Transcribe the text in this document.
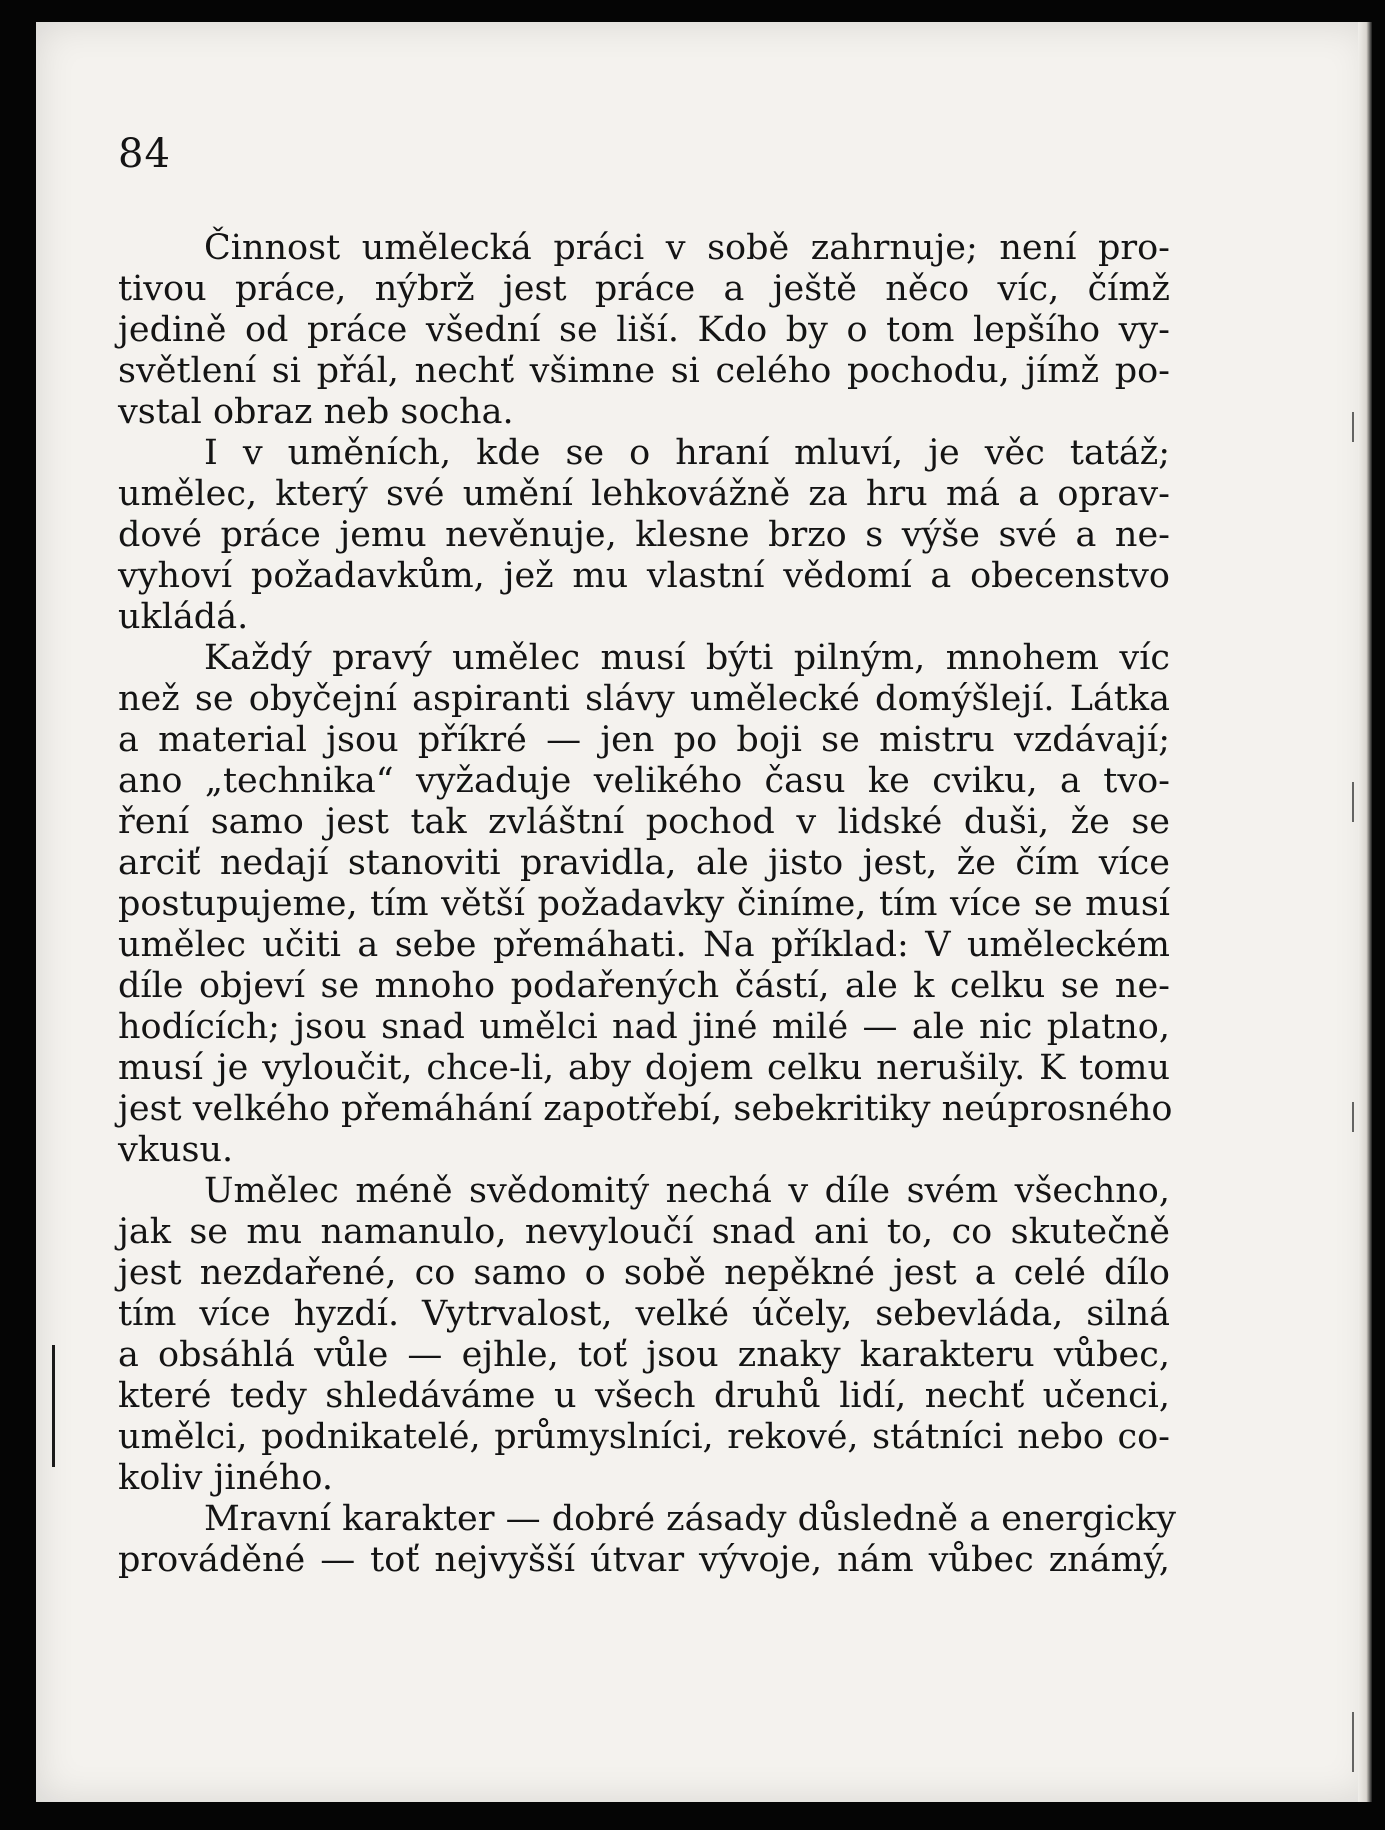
84
Činnost umělecká práci v sobě zahrnuje; není pro-
tivou práce, nýbrž jest práce a ještě něco víc, čímž
jedině od práce všední se liší. Kdo by o tom lepšího vy-
světlení si přál, nechť všimne si celého pochodu, jímž po-
vstal obraz neb socha.
I v uměních, kde se o hraní mluví, je věc tatáž;
umělec, který své umění lehkovážně za hru má a oprav-
dové práce jemu nevěnuje, klesne brzo s výše své a ne-
vyhoví požadavkům, jež mu vlastní vědomí a obecenstvo
ukládá.
Každý pravý umělec musí býti pilným, mnohem víc
než se obyčejní aspiranti slávy umělecké domýšlejí. Látka
a material jsou příkré — jen po boji se mistru vzdávají;
ano „technika“ vyžaduje velikého času ke cviku, a tvo-
ření samo jest tak zvláštní pochod v lidské duši, že se
arciť nedají stanoviti pravidla, ale jisto jest, že čím více
postupujeme, tím větší požadavky činíme, tím více se musí
umělec učiti a sebe přemáhati. Na příklad: V uměleckém
díle objeví se mnoho podařených částí, ale k celku se ne-
hodících; jsou snad umělci nad jiné milé — ale nic platno,
musí je vyloučit, chce-li, aby dojem celku nerušily. K tomu
jest velkého přemáhání zapotřebí, sebekritiky neúprosného
vkusu.
Umělec méně svědomitý nechá v díle svém všechno,
jak se mu namanulo, nevyloučí snad ani to, co skutečně
jest nezdařené, co samo o sobě nepěkné jest a celé dílo
tím více hyzdí. Vytrvalost, velké účely, sebevláda, silná
a obsáhlá vůle — ejhle, toť jsou znaky karakteru vůbec,
které tedy shledáváme u všech druhů lidí, nechť učenci,
umělci, podnikatelé, průmyslníci, rekové, státníci nebo co-
koliv jiného.
Mravní karakter — dobré zásady důsledně a energicky
prováděné — toť nejvyšší útvar vývoje, nám vůbec známý,
